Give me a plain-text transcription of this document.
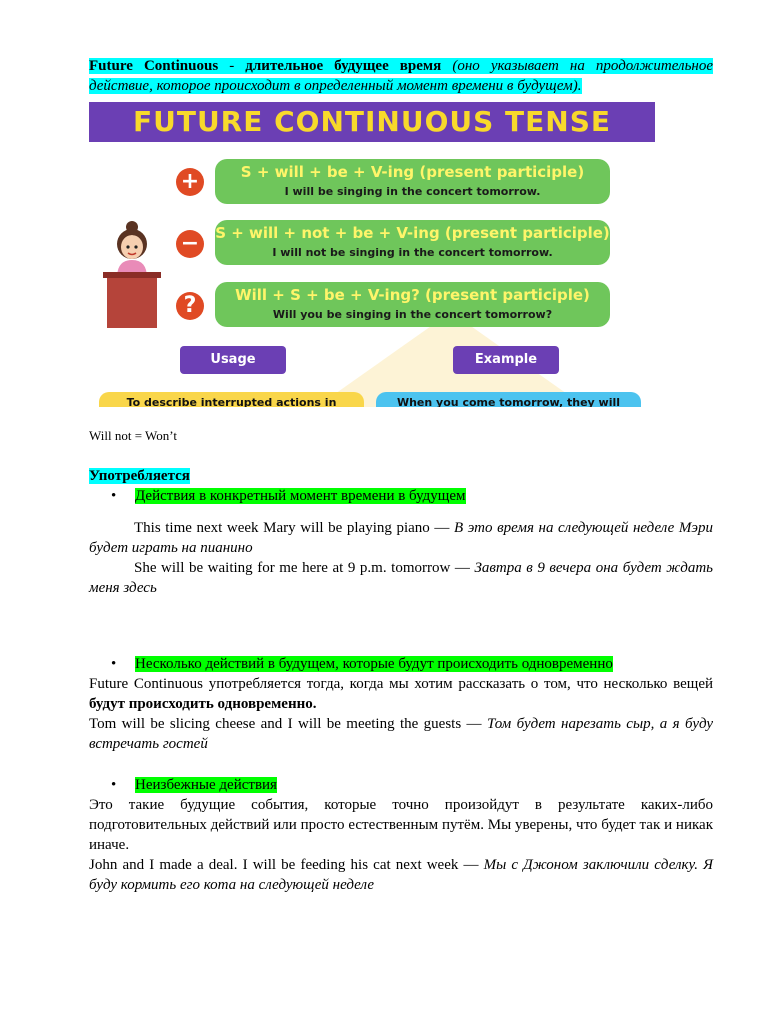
Future Continuous - длительное будущее время (оно указывает на продолжительное действие, которое происходит в определенный момент времени в будущем).

FUTURE CONTINUOUS TENSE
+	S + will + be + V-ing (present participle)
I will be singing in the concert tomorrow.
−	S + will + not + be + V-ing (present participle)
I will not be singing in the concert tomorrow.
?	Will + S + be + V-ing? (present participle)
Will you be singing in the concert tomorrow?
Usage	Example
To describe interrupted actions in	When you come tomorrow, they will

Will not = Won’t

Употребляется

• Действия в конкретный момент времени в будущем

This time next week Mary will be playing piano — В это время на следующей неделе Мэри будет играть на пианино

She will be waiting for me here at 9 p.m. tomorrow — Завтра в 9 вечера она будет ждать меня здесь

• Несколько действий в будущем, которые будут происходить одновременно

Future Continuous употребляется тогда, когда мы хотим рассказать о том, что несколько вещей будут происходить одновременно.

Tom will be slicing cheese and I will be meeting the guests — Том будет нарезать сыр, а я буду встречать гостей

• Неизбежные действия

Это такие будущие события, которые точно произойдут в результате каких-либо подготовительных действий или просто естественным путём. Мы уверены, что будет так и никак иначе.

John and I made a deal. I will be feeding his cat next week — Мы с Джоном заключили сделку. Я буду кормить его кота на следующей неделе
